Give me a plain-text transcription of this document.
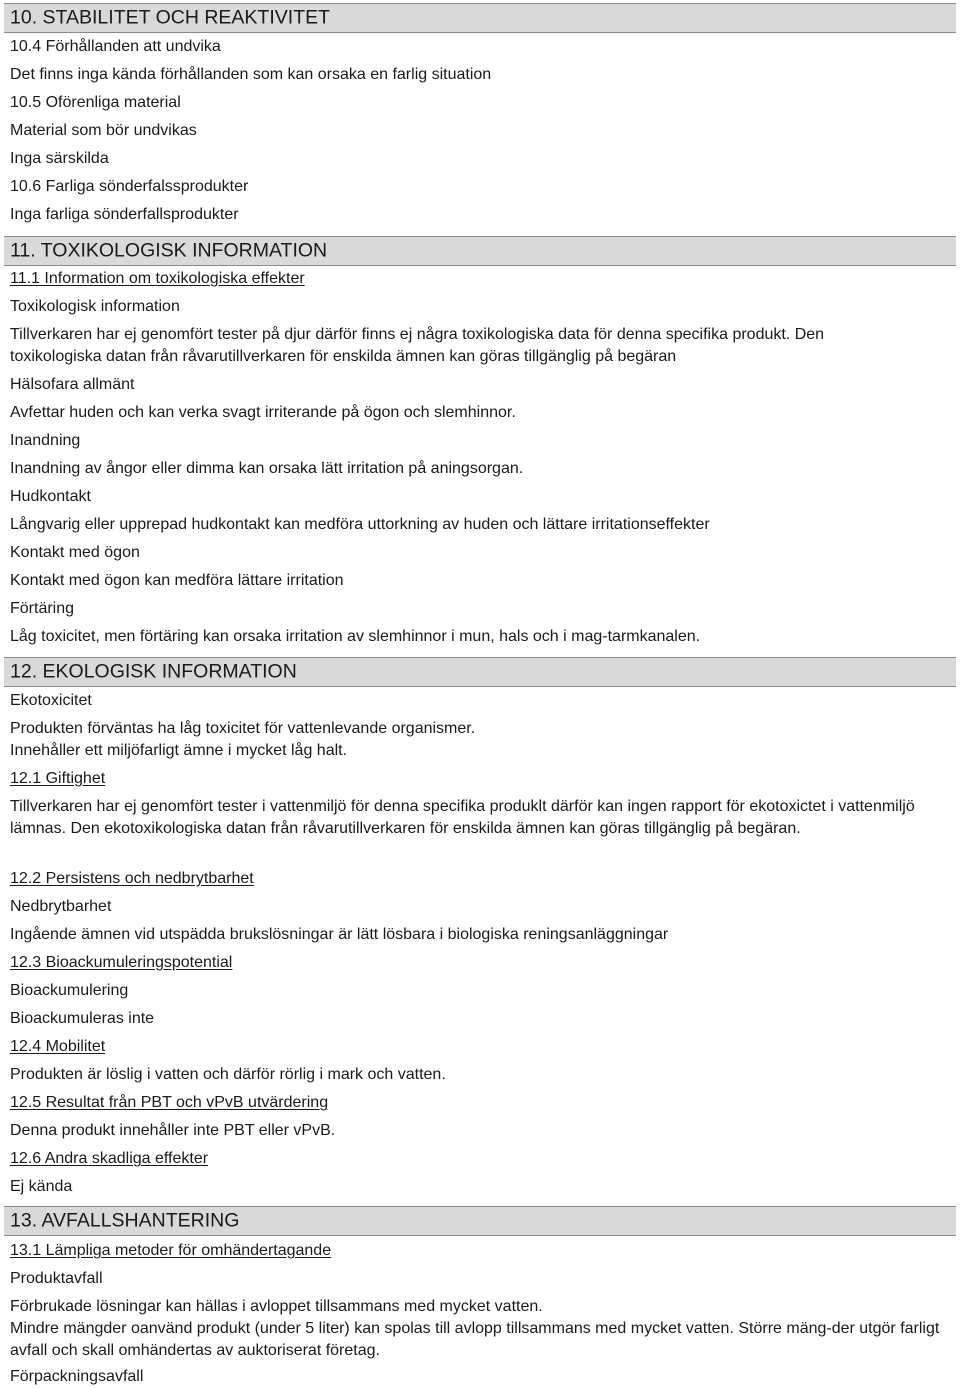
10. STABILITET OCH REAKTIVITET
10.4 Förhållanden att undvika
Det finns inga kända förhållanden som kan orsaka en farlig situation
10.5 Oförenliga material
Material som bör undvikas
Inga särskilda
10.6 Farliga sönderfalssprodukter
Inga farliga sönderfallsprodukter
11. TOXIKOLOGISK INFORMATION
11.1 Information om toxikologiska effekter
Toxikologisk information
Tillverkaren har ej genomfört tester på djur därför finns ej några toxikologiska data för denna specifika produkt. Den
toxikologiska datan från råvarutillverkaren för enskilda ämnen kan göras tillgänglig på begäran
Hälsofara allmänt
Avfettar huden och kan verka svagt irriterande på ögon och slemhinnor.
Inandning
Inandning av ångor eller dimma kan orsaka lätt irritation på aningsorgan.
Hudkontakt
Långvarig eller upprepad hudkontakt kan medföra uttorkning av huden och lättare irritationseffekter
Kontakt med ögon
Kontakt med ögon kan medföra lättare irritation
Förtäring
Låg toxicitet, men förtäring kan orsaka irritation av slemhinnor i mun, hals och i mag-tarmkanalen.
12. EKOLOGISK INFORMATION
Ekotoxicitet
Produkten förväntas ha låg toxicitet för vattenlevande organismer.
Innehåller ett miljöfarligt ämne i mycket låg halt.
12.1 Giftighet
Tillverkaren har ej genomfört tester i vattenmiljö för denna specifika produklt därför kan ingen rapport för ekotoxictet i vattenmiljö lämnas. Den ekotoxikologiska datan från råvarutillverkaren för enskilda ämnen kan göras tillgänglig på begäran.
12.2 Persistens och nedbrytbarhet
Nedbrytbarhet
Ingående ämnen vid utspädda brukslösningar är lätt lösbara i biologiska reningsanläggningar
12.3 Bioackumuleringspotential
Bioackumulering
Bioackumuleras inte
12.4 Mobilitet
Produkten är löslig i vatten och därför rörlig i mark och vatten.
12.5 Resultat från PBT och vPvB utvärdering
Denna produkt innehåller inte PBT eller vPvB.
12.6 Andra skadliga effekter
Ej kända
13. AVFALLSHANTERING
13.1 Lämpliga metoder för omhändertagande
Produktavfall
Förbrukade lösningar kan hällas i avloppet tillsammans med mycket vatten.
Mindre mängder oanvänd produkt (under 5 liter) kan spolas till avlopp tillsammans med mycket vatten. Större mäng-der utgör farligt avfall och skall omhändertas av auktoriserat företag.
Förpackningsavfall
